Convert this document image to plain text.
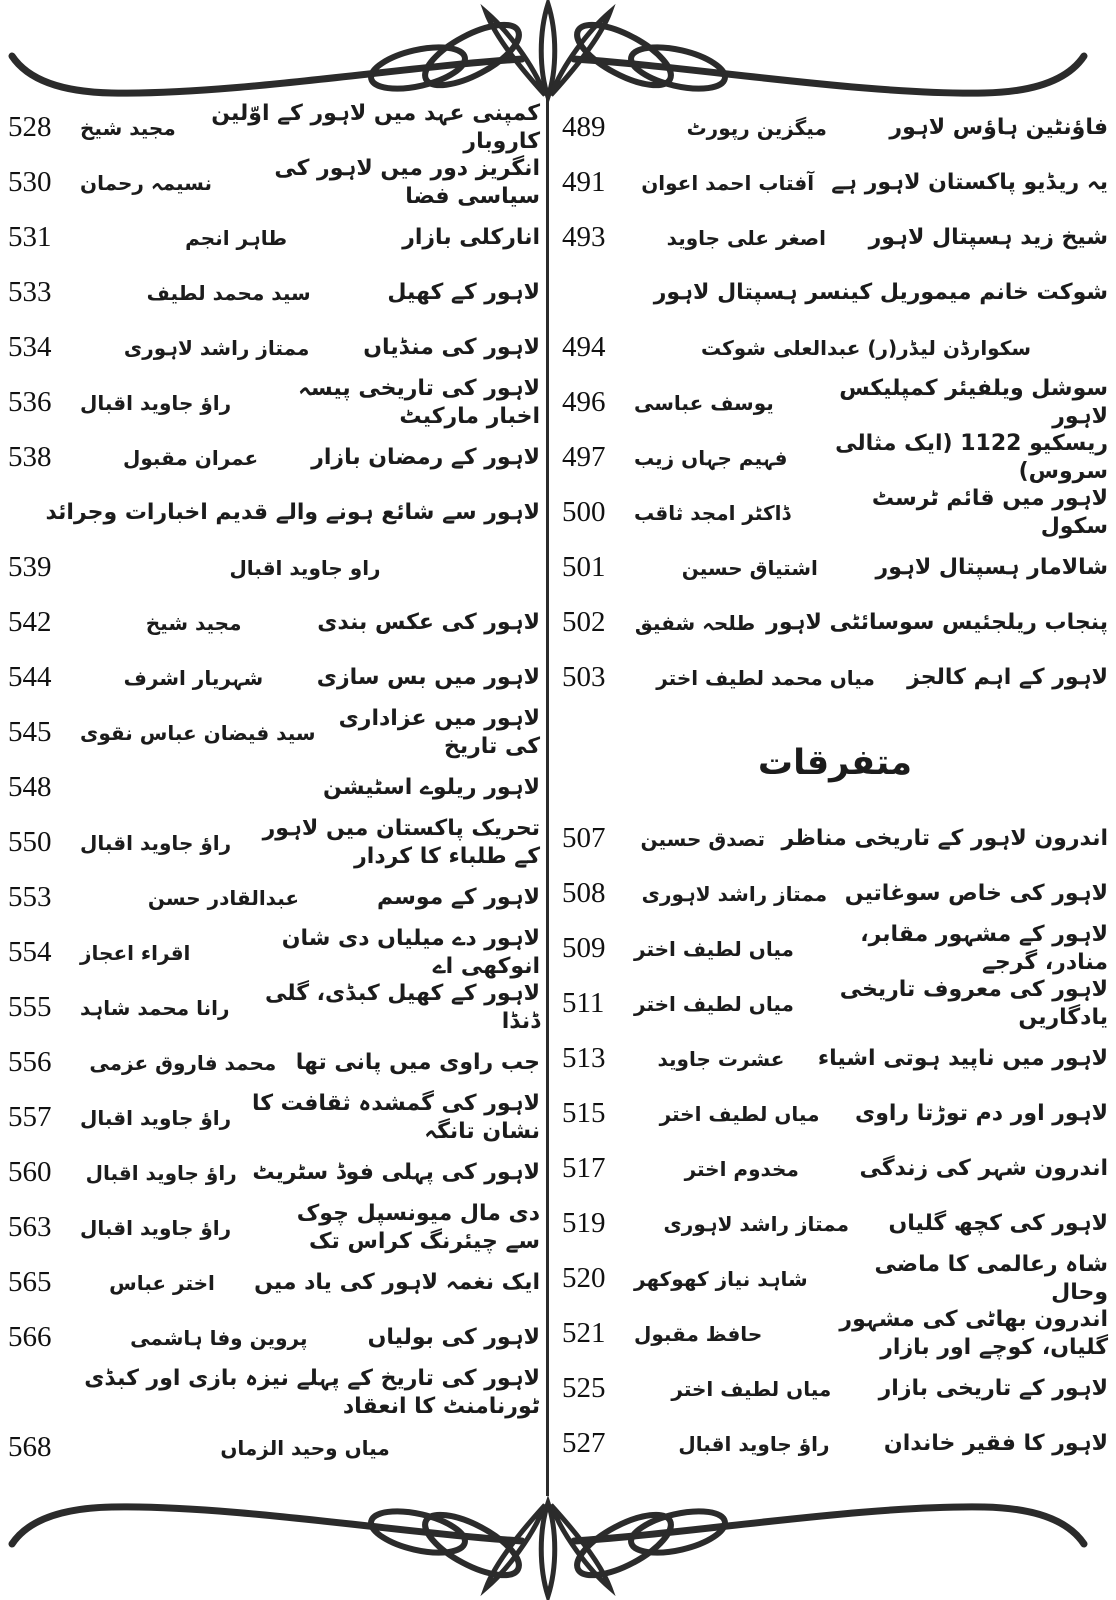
فاؤنٹین ہاؤس لاہور
میگزین رپورٹ
489
یہ ریڈیو پاکستان لاہور ہے
آفتاب احمد اعوان
491
شیخ زید ہسپتال لاہور
اصغر علی جاوید
493
شوکت خانم میموریل کینسر ہسپتال لاہور
سکوارڈن لیڈر(ر) عبدالعلی شوکت
494
سوشل ویلفیئر کمپلیکس لاہور
یوسف عباسی
496
ریسکیو 1122 (ایک مثالی سروس)
فہیم جہاں زیب
497
لاہور میں قائم ٹرسٹ سکول
ڈاکٹر امجد ثاقب
500
شالامار ہسپتال لاہور
اشتیاق حسین
501
پنجاب ریلجئیس سوسائٹی لاہور
طلحہ شفیق
502
لاہور کے اہم کالجز
میاں محمد لطیف اختر
503
متفرقات
اندرون لاہور کے تاریخی مناظر
تصدق حسین
507
لاہور کی خاص سوغاتیں
ممتاز راشد لاہوری
508
لاہور کے مشہور مقابر، منادر، گرجے
میاں لطیف اختر
509
لاہور کی معروف تاریخی یادگاریں
میاں لطیف اختر
511
لاہور میں ناپید ہوتی اشیاء
عشرت جاوید
513
لاہور اور دم توڑتا راوی
میاں لطیف اختر
515
اندرون شہر کی زندگی
مخدوم اختر
517
لاہور کی کچھ گلیاں
ممتاز راشد لاہوری
519
شاہ رعالمی کا ماضی وحال
شاہد نیاز کھوکھر
520
اندرون بھاٹی کی مشہور گلیاں، کوچے اور بازار
حافظ مقبول
521
لاہور کے تاریخی بازار
میاں لطیف اختر
525
لاہور کا فقیر خاندان
راؤ جاوید اقبال
527
کمپنی عہد میں لاہور کے اوّلین کاروبار
مجید شیخ
528
انگریز دور میں لاہور کی سیاسی فضا
نسیمہ رحمان
530
انارکلی بازار
طاہر انجم
531
لاہور کے کھیل
سید محمد لطیف
533
لاہور کی منڈیاں
ممتاز راشد لاہوری
534
لاہور کی تاریخی پیسہ اخبار مارکیٹ
راؤ جاوید اقبال
536
لاہور کے رمضان بازار
عمران مقبول
538
لاہور سے شائع ہونے والے قدیم اخبارات وجرائد
راو جاوید اقبال
539
لاہور کی عکس بندی
مجید شیخ
542
لاہور میں بس سازی
شہریار اشرف
544
لاہور میں عزاداری کی تاریخ
سید فیضان عباس نقوی
545
لاہور ریلوے اسٹیشن
548
تحریک پاکستان میں لاہور کے طلباء کا کردار
راؤ جاوید اقبال
550
لاہور کے موسم
عبدالقادر حسن
553
لاہور دے میلیاں دی شان انوکھی اے
اقراء اعجاز
554
لاہور کے کھیل کبڈی، گلی ڈنڈا
رانا محمد شاہد
555
جب راوی میں پانی تھا
محمد فاروق عزمی
556
لاہور کی گمشدہ ثقافت کا نشان تانگہ
راؤ جاوید اقبال
557
لاہور کی پہلی فوڈ سٹریٹ
راؤ جاوید اقبال
560
دی مال میونسپل چوک سے چیئرنگ کراس تک
راؤ جاوید اقبال
563
ایک نغمہ لاہور کی یاد میں
اختر عباس
565
لاہور کی بولیاں
پروین وفا ہاشمی
566
لاہور کی تاریخ کے پہلے نیزہ بازی اور کبڈی ٹورنامنٹ کا انعقاد
میاں وحید الزماں
568
